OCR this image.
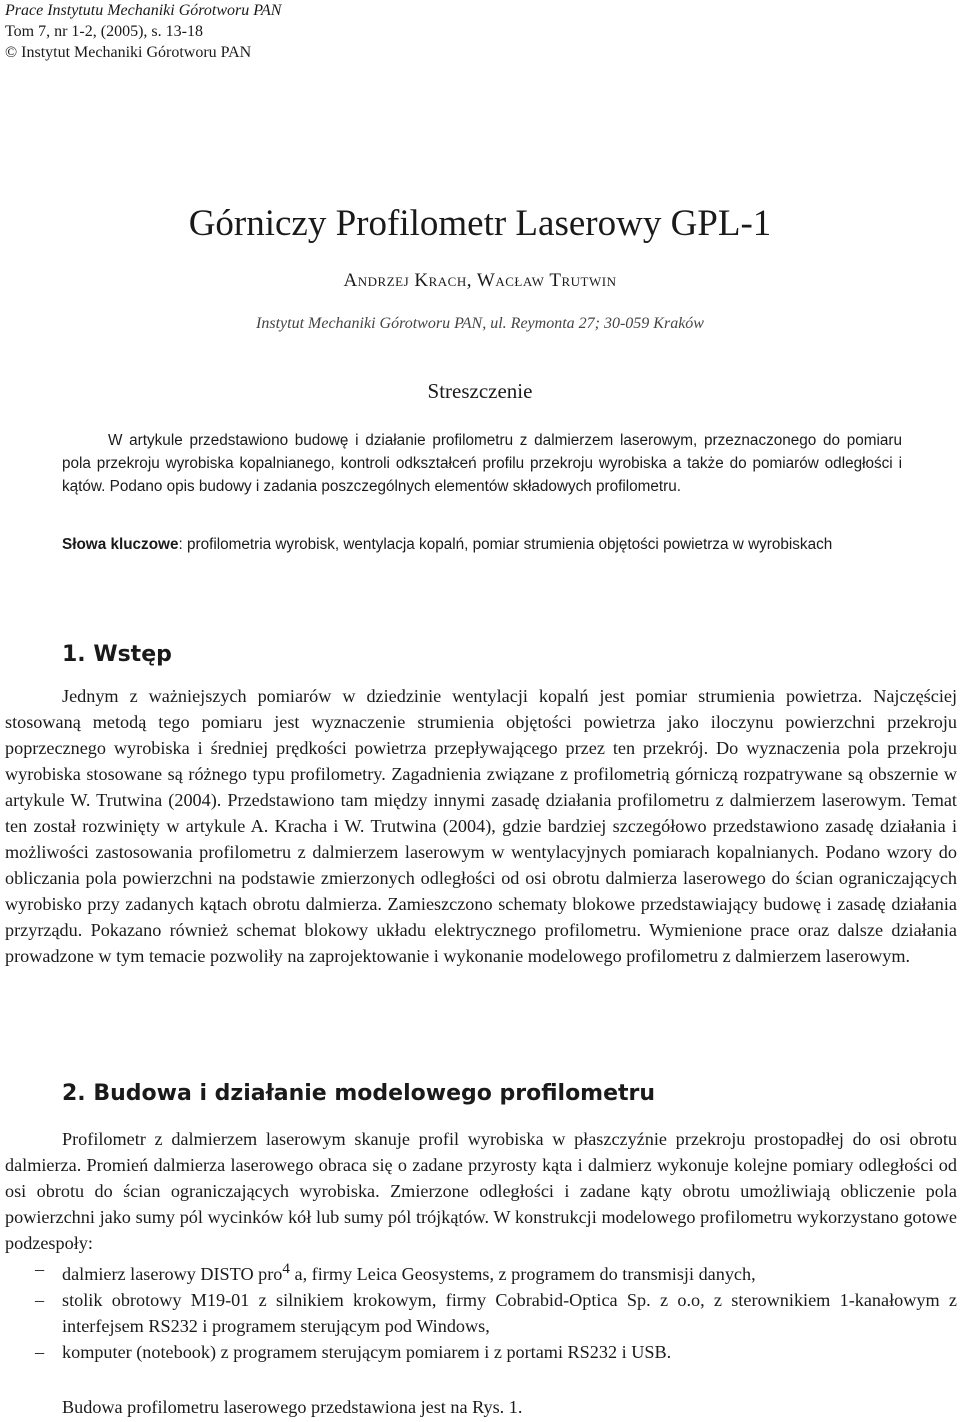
Prace Instytutu Mechaniki Górotworu PAN
Tom 7, nr 1-2, (2005), s. 13-18
© Instytut Mechaniki Górotworu PAN
Górniczy Profilometr Laserowy GPL-1
Andrzej Krach, Wacław Trutwin
Instytut Mechaniki Górotworu PAN, ul. Reymonta 27; 30-059 Kraków
Streszczenie
W artykule przedstawiono budowę i działanie profilometru z dalmierzem laserowym, przeznaczonego do pomiaru pola przekroju wyrobiska kopalnianego, kontroli odkształceń profilu przekroju wyrobiska a także do pomiarów odległości i kątów. Podano opis budowy i zadania poszczególnych elementów składowych profilometru.
Słowa kluczowe: profilometria wyrobisk, wentylacja kopalń, pomiar strumienia objętości powietrza w wyrobiskach
1. Wstęp

Jednym z ważniejszych pomiarów w dziedzinie wentylacji kopalń jest pomiar strumienia powietrza. Najczęściej stosowaną metodą tego pomiaru jest wyznaczenie strumienia objętości powietrza jako iloczynu powierzchni przekroju poprzecznego wyrobiska i średniej prędkości powietrza przepływającego przez ten przekrój. Do wyznaczenia pola przekroju wyrobiska stosowane są różnego typu profilometry. Zagadnienia związane z profilometrią górniczą rozpatrywane są obszernie w artykule W. Trutwina (2004). Przedstawiono tam między innymi zasadę działania profilometru z dalmierzem laserowym. Temat ten został rozwinięty w artykule A. Kracha i W. Trutwina (2004), gdzie bardziej szczegółowo przedstawiono zasadę działania i możliwości zastosowania profilometru z dalmierzem laserowym w wentylacyjnych pomiarach kopalnianych. Podano wzory do obliczania pola powierzchni na podstawie zmierzonych odległości od osi obrotu dalmierza laserowego do ścian ograniczających wyrobisko przy zadanych kątach obrotu dalmierza. Zamieszczono schematy blokowe przedstawiający budowę i zasadę działania przyrządu. Pokazano również schemat blokowy układu elektrycznego profilometru. Wymienione prace oraz dalsze działania prowadzone w tym temacie pozwoliły na zaprojektowanie i wykonanie modelowego profilometru z dalmierzem laserowym.

2. Budowa i działanie modelowego profilometru

Profilometr z dalmierzem laserowym skanuje profil wyrobiska w płaszczyźnie przekroju prostopadłej do osi obrotu dalmierza. Promień dalmierza laserowego obraca się o zadane przyrosty kąta i dalmierz wykonuje kolejne pomiary odległości od osi obrotu do ścian ograniczających wyrobiska. Zmierzone odległości i zadane kąty obrotu umożliwiają obliczenie pola powierzchni jako sumy pól wycinków kół lub sumy pól trójkątów. W konstrukcji modelowego profilometru wykorzystano gotowe podzespoły:

– dalmierz laserowy DISTO pro$^4$ a, firmy Leica Geosystems, z programem do transmisji danych,
– stolik obrotowy M19-01 z silnikiem krokowym, firmy Cobrabid-Optica Sp. z o.o, z sterownikiem 1-kanałowym z interfejsem RS232 i programem sterującym pod Windows,
– komputer (notebook) z programem sterującym pomiarem i z portami RS232 i USB.
Budowa profilometru laserowego przedstawiona jest na Rys. 1.
